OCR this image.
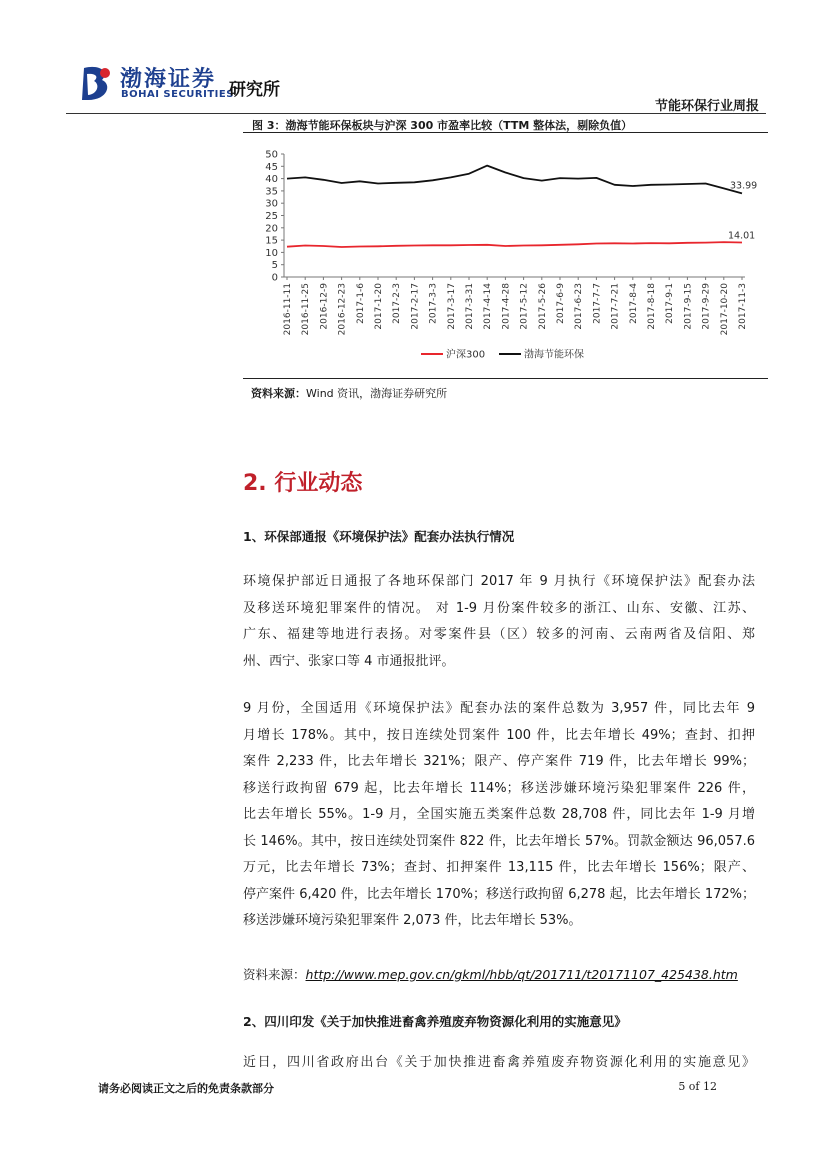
渤海证券
BOHAI SECURITIES
研究所
节能环保行业周报
图 3：渤海节能环保板块与沪深 300 市盈率比较（TTM 整体法，剔除负值）
0
5
10
15
20
25
30
35
40
45
50
2016-11-11 2016-11-25 2016-12-9 2016-12-23 2017-1-6 2017-1-20 2017-2-3 2017-2-17 2017-3-3 2017-3-17 2017-3-31 2017-4-14 2017-4-28 2017-5-12 2017-5-26 2017-6-9 2017-6-23 2017-7-7 2017-7-21 2017-8-4 2017-8-18 2017-9-1 2017-9-15 2017-9-29 2017-10-20 2017-11-3
33.99
14.01
沪深300	渤海节能环保
资料来源：Wind 资讯，渤海证券研究所
2. 行业动态
1、环保部通报《环境保护法》配套办法执行情况
环境保护部近日通报了各地环保部门 2017 年 9 月执行《环境保护法》配套办法
及移送环境犯罪案件的情况。 对 1-9 月份案件较多的浙江、山东、安徽、江苏、
广东、福建等地进行表扬。对零案件县（区）较多的河南、云南两省及信阳、郑
州、西宁、张家口等 4 市通报批评。
9 月份，全国适用《环境保护法》配套办法的案件总数为 3,957 件，同比去年 9
月增长 178%。其中，按日连续处罚案件 100 件，比去年增长 49%；查封、扣押
案件 2,233 件，比去年增长 321%；限产、停产案件 719 件，比去年增长 99%；
移送行政拘留 679 起，比去年增长 114%；移送涉嫌环境污染犯罪案件 226 件，
比去年增长 55%。1-9 月，全国实施五类案件总数 28,708 件，同比去年 1-9 月增
长 146%。其中，按日连续处罚案件 822 件，比去年增长 57%。罚款金额达 96,057.6
万元，比去年增长 73%；查封、扣押案件 13,115 件，比去年增长 156%；限产、
停产案件 6,420 件，比去年增长 170%；移送行政拘留 6,278 起，比去年增长 172%；
移送涉嫌环境污染犯罪案件 2,073 件，比去年增长 53%。
资料来源：http://www.mep.gov.cn/gkml/hbb/qt/201711/t20171107_425438.htm
2、四川印发《关于加快推进畜禽养殖废弃物资源化利用的实施意见》
近日，四川省政府出台《关于加快推进畜禽养殖废弃物资源化利用的实施意见》
请务必阅读正文之后的免责条款部分	5 of 12
